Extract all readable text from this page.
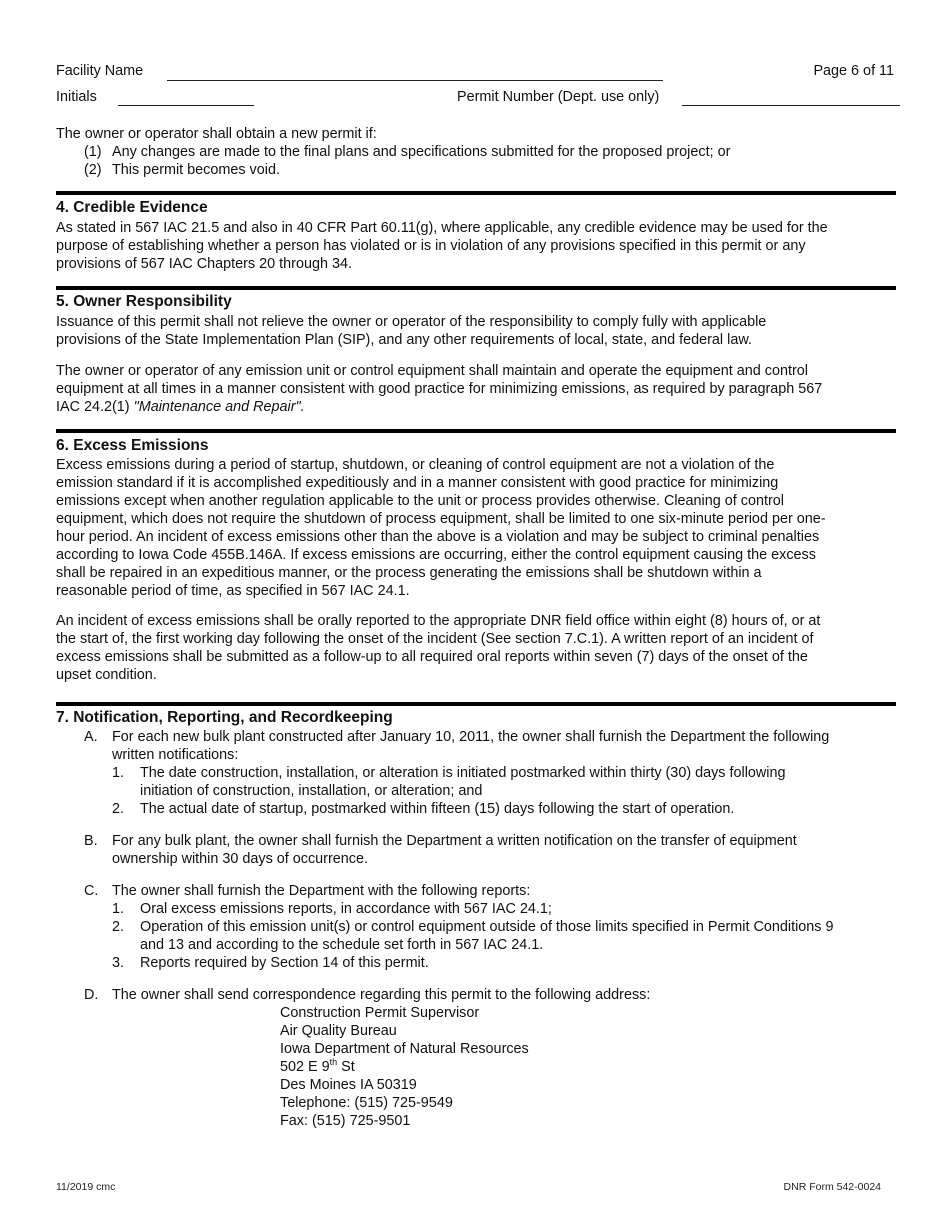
Facility Name	Page 6 of 11
Initials	Permit Number (Dept. use only)
The owner or operator shall obtain a new permit if:
(1) Any changes are made to the final plans and specifications submitted for the proposed project; or
(2) This permit becomes void.
4. Credible Evidence
As stated in 567 IAC 21.5 and also in 40 CFR Part 60.11(g), where applicable, any credible evidence may be used for the
purpose of establishing whether a person has violated or is in violation of any provisions specified in this permit or any
provisions of 567 IAC Chapters 20 through 34.
5. Owner Responsibility
Issuance of this permit shall not relieve the owner or operator of the responsibility to comply fully with applicable
provisions of the State Implementation Plan (SIP), and any other requirements of local, state, and federal law.
The owner or operator of any emission unit or control equipment shall maintain and operate the equipment and control
equipment at all times in a manner consistent with good practice for minimizing emissions, as required by paragraph 567
IAC 24.2(1) "Maintenance and Repair".
6. Excess Emissions
Excess emissions during a period of startup, shutdown, or cleaning of control equipment are not a violation of the
emission standard if it is accomplished expeditiously and in a manner consistent with good practice for minimizing
emissions except when another regulation applicable to the unit or process provides otherwise. Cleaning of control
equipment, which does not require the shutdown of process equipment, shall be limited to one six-minute period per one-
hour period. An incident of excess emissions other than the above is a violation and may be subject to criminal penalties
according to Iowa Code 455B.146A. If excess emissions are occurring, either the control equipment causing the excess
shall be repaired in an expeditious manner, or the process generating the emissions shall be shutdown within a
reasonable period of time, as specified in 567 IAC 24.1.
An incident of excess emissions shall be orally reported to the appropriate DNR field office within eight (8) hours of, or at
the start of, the first working day following the onset of the incident (See section 7.C.1). A written report of an incident of
excess emissions shall be submitted as a follow-up to all required oral reports within seven (7) days of the onset of the
upset condition.
7. Notification, Reporting, and Recordkeeping
A. For each new bulk plant constructed after January 10, 2011, the owner shall furnish the Department the following
written notifications:
1. The date construction, installation, or alteration is initiated postmarked within thirty (30) days following
initiation of construction, installation, or alteration; and
2. The actual date of startup, postmarked within fifteen (15) days following the start of operation.
B. For any bulk plant, the owner shall furnish the Department a written notification on the transfer of equipment
ownership within 30 days of occurrence.
C. The owner shall furnish the Department with the following reports:
1. Oral excess emissions reports, in accordance with 567 IAC 24.1;
2. Operation of this emission unit(s) or control equipment outside of those limits specified in Permit Conditions 9
and 13 and according to the schedule set forth in 567 IAC 24.1.
3. Reports required by Section 14 of this permit.
D. The owner shall send correspondence regarding this permit to the following address:
Construction Permit Supervisor
Air Quality Bureau
Iowa Department of Natural Resources
502 E 9th St
Des Moines IA 50319
Telephone: (515) 725-9549
Fax: (515) 725-9501
11/2019 cmc	DNR Form 542-0024
